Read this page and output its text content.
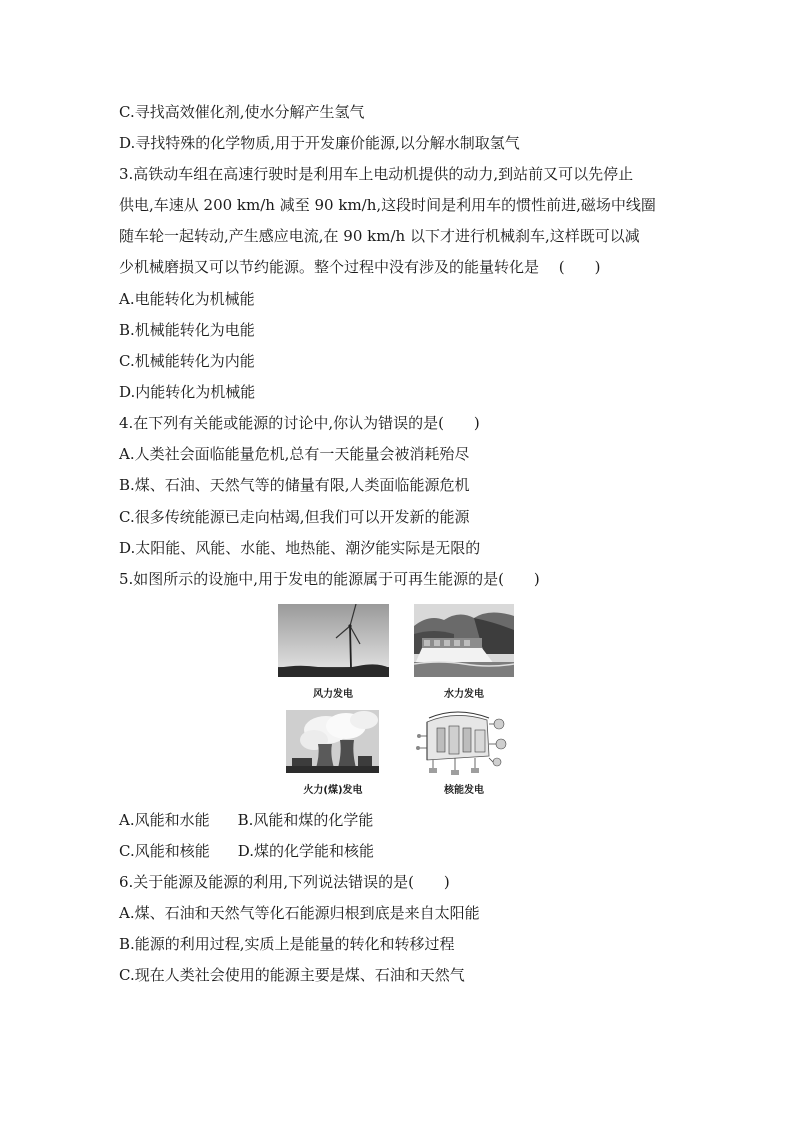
C.寻找高效催化剂,使水分解产生氢气
D.寻找特殊的化学物质,用于开发廉价能源,以分解水制取氢气
3.高铁动车组在高速行驶时是利用车上电动机提供的动力,到站前又可以先停止
供电,车速从 200 km/h 减至 90 km/h,这段时间是利用车的惯性前进,磁场中线圈
随车轮一起转动,产生感应电流,在 90 km/h 以下才进行机械刹车,这样既可以减
少机械磨损又可以节约能源。整个过程中没有涉及的能量转化是　 (　　)
A.电能转化为机械能
B.机械能转化为电能
C.机械能转化为内能
D.内能转化为机械能
4.在下列有关能或能源的讨论中,你认为错误的是(　　)
A.人类社会面临能量危机,总有一天能量会被消耗殆尽
B.煤、石油、天然气等的储量有限,人类面临能源危机
C.很多传统能源已走向枯竭,但我们可以开发新的能源
D.太阳能、风能、水能、地热能、潮汐能实际是无限的
5.如图所示的设施中,用于发电的能源属于可再生能源的是(　　)
风力发电	水力发电
火力(煤)发电	核能发电
A.风能和水能 B.风能和煤的化学能
C.风能和核能 D.煤的化学能和核能
6.关于能源及能源的利用,下列说法错误的是(　　)
A.煤、石油和天然气等化石能源归根到底是来自太阳能
B.能源的利用过程,实质上是能量的转化和转移过程
C.现在人类社会使用的能源主要是煤、石油和天然气
